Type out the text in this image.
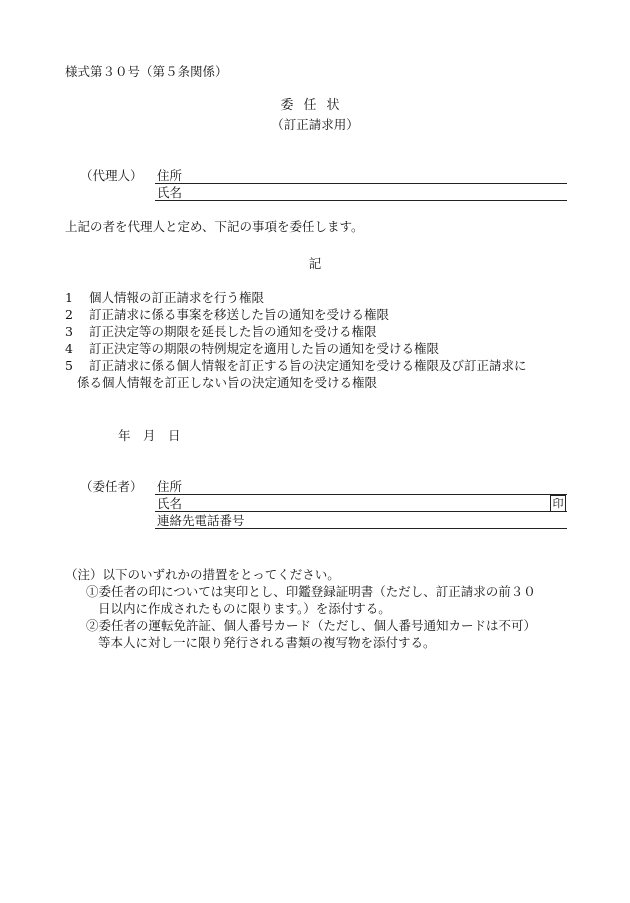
様式第３０号（第５条関係）
委任状
（訂正請求用）
（代理人） 住所
氏名
上記の者を代理人と定め、下記の事項を委任します。
記
1 個人情報の訂正請求を行う権限
2 訂正請求に係る事案を移送した旨の通知を受ける権限
3 訂正決定等の期限を延長した旨の通知を受ける権限
4 訂正決定等の期限の特例規定を適用した旨の通知を受ける権限
5 訂正請求に係る個人情報を訂正する旨の決定通知を受ける権限及び訂正請求に
係る個人情報を訂正しない旨の決定通知を受ける権限
年　月　日
（委任者） 住所
氏名	印
連絡先電話番号
（注）以下のいずれかの措置をとってください。
①委任者の印については実印とし、印鑑登録証明書（ただし、訂正請求の前３０
日以内に作成されたものに限ります。）を添付する。
②委任者の運転免許証、個人番号カード（ただし、個人番号通知カードは不可）
等本人に対し一に限り発行される書類の複写物を添付する。
